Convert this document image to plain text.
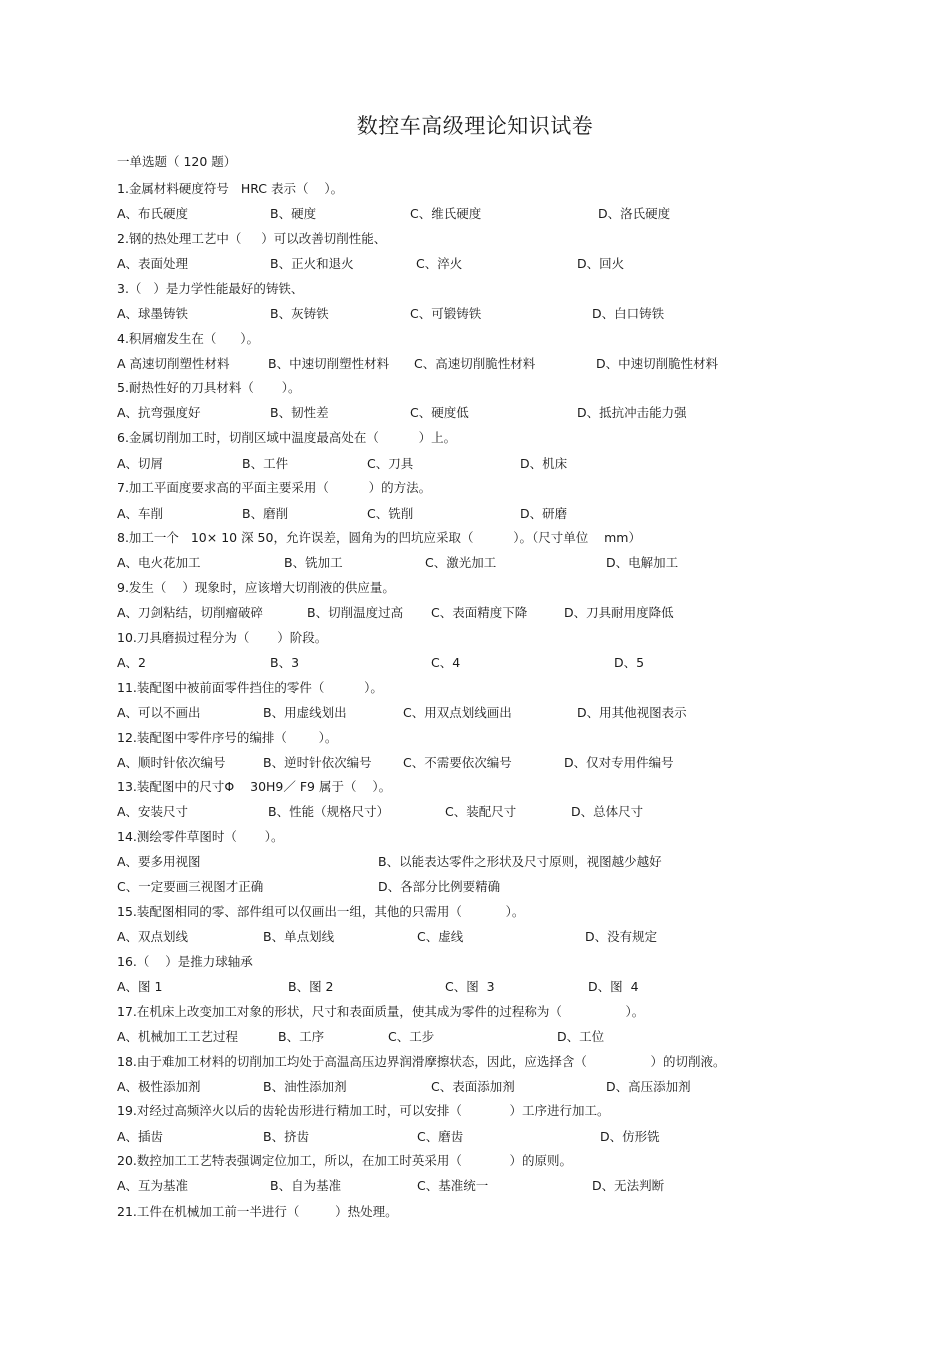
数控车高级理论知识试卷
一单选题（ 120 题）
1.金属材料硬度符号   HRC 表示（    ）。
A、布氏硬度	B、硬度	C、维氏硬度	D、洛氏硬度
2.钢的热处理工艺中（     ）可以改善切削性能、
A、表面处理	B、正火和退火	C、淬火	D、回火
3.（   ）是力学性能最好的铸铁、
A、球墨铸铁	B、灰铸铁	C、可锻铸铁	D、白口铸铁
4.积屑瘤发生在（      ）。
A 高速切削塑性材料	B、中速切削塑性材料 C、高速切削脆性材料	D、中速切削脆性材料
5.耐热性好的刀具材料（       ）。
A、抗弯强度好	B、韧性差	C、硬度低	D、抵抗冲击能力强
6.金属切削加工时，切削区域中温度最高处在（          ）上。
A、切屑	B、工件	C、刀具	D、机床
7.加工平面度要求高的平面主要采用（          ）的方法。
A、车削	B、磨削	C、铣削	D、研磨
8.加工一个   10× 10 深 50，允许误差，圆角为的凹坑应采取（          ）。（尺寸单位    mm）
A、电火花加工	B、铣加工	C、激光加工	D、电解加工
9.发生（    ）现象时，应该增大切削液的供应量。
A、刀剑粘结，切削瘤破碎	B、切削温度过高 C、表面精度下降	D、刀具耐用度降低
10.刀具磨损过程分为（       ）阶段。
A、2	B、3	C、4	D、5
11.装配图中被前面零件挡住的零件（          ）。
A、可以不画出	B、用虚线划出	C、用双点划线画出	D、用其他视图表示
12.装配图中零件序号的编排（        ）。
A、顺时针依次编号	B、逆时针依次编号	C、不需要依次编号	D、仅对专用件编号
13.装配图中的尺寸Φ    30H9／ F9 属于（    ）。
A、安装尺寸	B、性能（规格尺寸）	C、装配尺寸	D、总体尺寸
14.测绘零件草图时（       ）。
A、要多用视图	B、以能表达零件之形状及尺寸原则，视图越少越好
C、一定要画三视图才正确	D、各部分比例要精确
15.装配图相同的零、部件组可以仅画出一组，其他的只需用（           ）。
A、双点划线	B、单点划线	C、虚线	D、没有规定
16.（    ）是推力球轴承
A、图 1	B、图 2	C、图  3	D、图  4
17.在机床上改变加工对象的形状，尺寸和表面质量，使其成为零件的过程称为（                ）。
A、机械加工工艺过程	B、工序	C、工步	D、工位
18.由于难加工材料的切削加工均处于高温高压边界润滑摩擦状态，因此，应选择含（                ）的切削液。
A、极性添加剂	B、油性添加剂	C、表面添加剂	D、高压添加剂
19.对经过高频淬火以后的齿轮齿形进行精加工时，可以安排（            ）工序进行加工。
A、插齿	B、挤齿	C、磨齿	D、仿形铣
20.数控加工工艺特表强调定位加工，所以，在加工时英采用（            ）的原则。
A、互为基准	B、自为基准	C、基准统一	D、无法判断
21.工件在机械加工前一半进行（         ）热处理。
